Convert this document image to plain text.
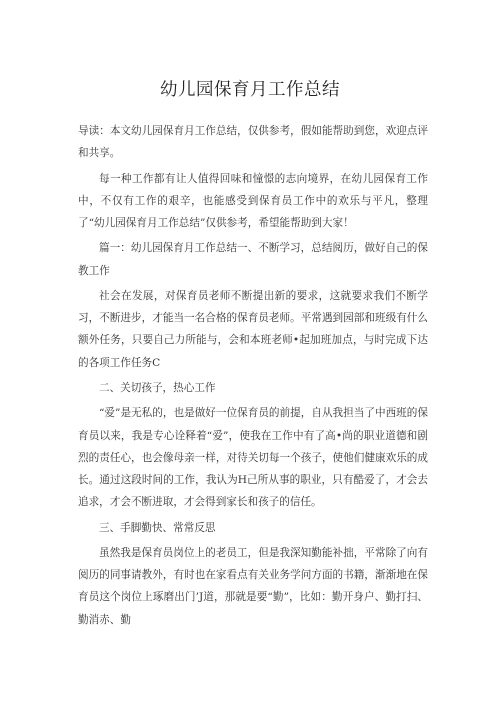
幼儿园保育月工作总结

导读：本文幼儿园保育月工作总结，仅供参考，假如能帮助到您，欢迎点评和共享。

每一种工作都有让人值得回味和憧憬的志向境界，在幼儿园保育工作中，不仅有工作的艰辛，也能感受到保育员工作中的欢乐与平凡，整理了“幼儿园保育月工作总结”仅供参考，希望能帮助到大家！

篇一：幼儿园保育月工作总结一、不断学习，总结阅历，做好自己的保教工作

社会在发展，对保育员老师不断提出新的要求，这就要求我们不断学习，不断进步，才能当一名合格的保育员老师。平常遇到园部和班级有什么额外任务，只要自己力所能与，会和本班老师•起加班加点，与时完成下达的各项工作任务C

二、关切孩子，热心工作

“爱”是无私的，也是做好一位保育员的前提，自从我担当了中西班的保育员以来，我是专心诠释着“爱”，使我在工作中有了高•尚的职业道德和剧烈的责任心，也会像母亲一样，对待关切每一个孩子，使他们健康欢乐的成长。通过这段时间的工作，我认为H己所从事的职业，只有酷爱了，才会去追求，才会不断进取，才会得到家长和孩子的信任。

三、手脚勤快、常常反思

虽然我是保育员岗位上的老员工，但是我深知勤能补拙，平常除了向有阅历的同事请教外，有时也在家看点有关业务学问方面的书籍，渐渐地在保育员这个岗位上琢磨出门’J道，那就是要“勤”，比如：勤开身户、勤打扫、勤消赤、勤
